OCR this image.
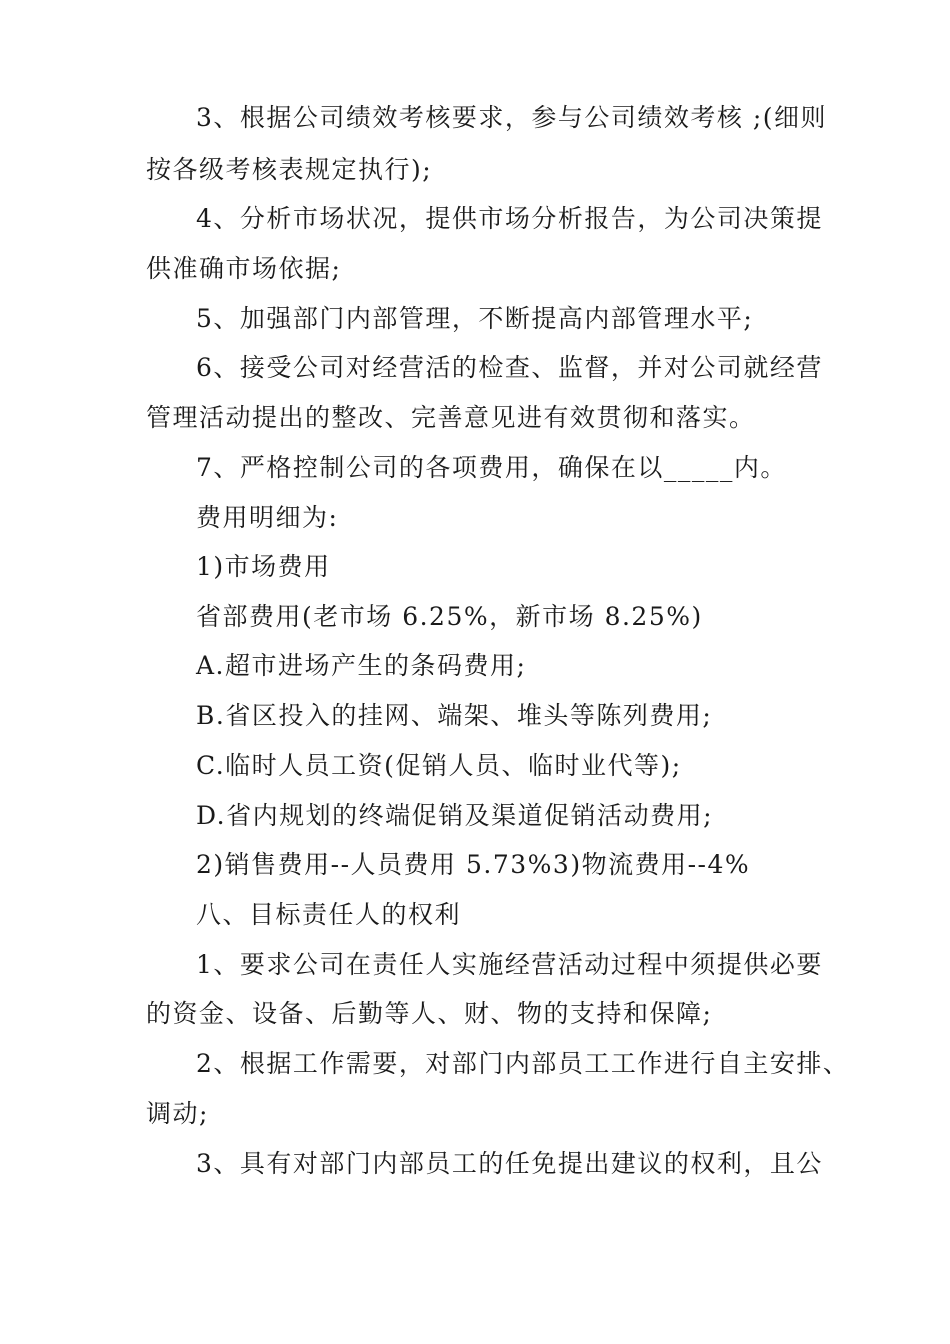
3、根据公司绩效考核要求，参与公司绩效考核 ;(细则
按各级考核表规定执行);
4、分析市场状况，提供市场分析报告，为公司决策提
供准确市场依据;
5、加强部门内部管理，不断提高内部管理水平;
6、接受公司对经营活的检查、监督，并对公司就经营
管理活动提出的整改、完善意见进有效贯彻和落实。
7、严格控制公司的各项费用，确保在以_____内。
费用明细为:
1)市场费用
省部费用(老市场 6.25%，新市场 8.25%)
A.超市进场产生的条码费用;
B.省区投入的挂网、端架、堆头等陈列费用;
C.临时人员工资(促销人员、临时业代等);
D.省内规划的终端促销及渠道促销活动费用;
2)销售费用--人员费用 5.73%3)物流费用--4%
八、目标责任人的权利
1、要求公司在责任人实施经营活动过程中须提供必要
的资金、设备、后勤等人、财、物的支持和保障;
2、根据工作需要，对部门内部员工工作进行自主安排、
调动;
3、具有对部门内部员工的任免提出建议的权利，且公
